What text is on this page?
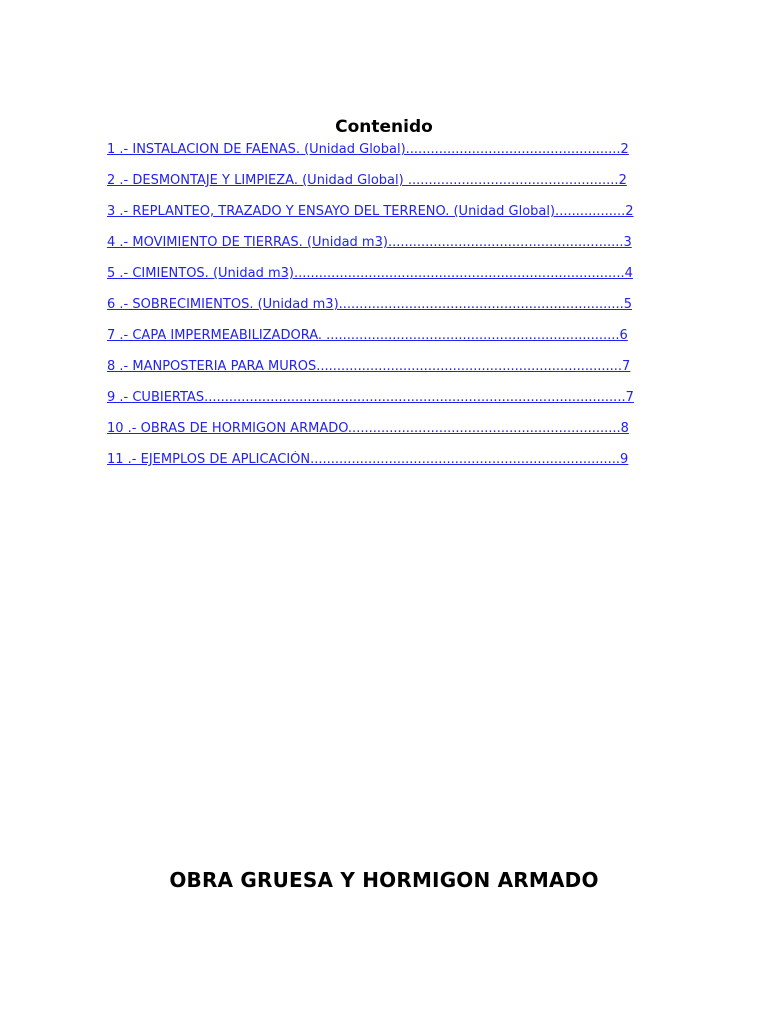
Contenido
1 .- INSTALACION DE FAENAS. (Unidad Global)....................................................2
2 .- DESMONTAJE Y LIMPIEZA. (Unidad Global) ...................................................2
3 .- REPLANTEO, TRAZADO Y ENSAYO DEL TERRENO. (Unidad Global).................2
4 .- MOVIMIENTO DE TIERRAS. (Unidad m3).........................................................3
5 .- CIMIENTOS. (Unidad m3)................................................................................4
6 .- SOBRECIMIENTOS. (Unidad m3).....................................................................5
7 .- CAPA IMPERMEABILIZADORA. .......................................................................6
8 .- MANPOSTERIA PARA MUROS..........................................................................7
9 .- CUBIERTAS......................................................................................................7
10 .- OBRAS DE HORMIGON ARMADO..................................................................8
11 .- EJEMPLOS DE APLICACIÓN...........................................................................9
OBRA GRUESA Y HORMIGON ARMADO
